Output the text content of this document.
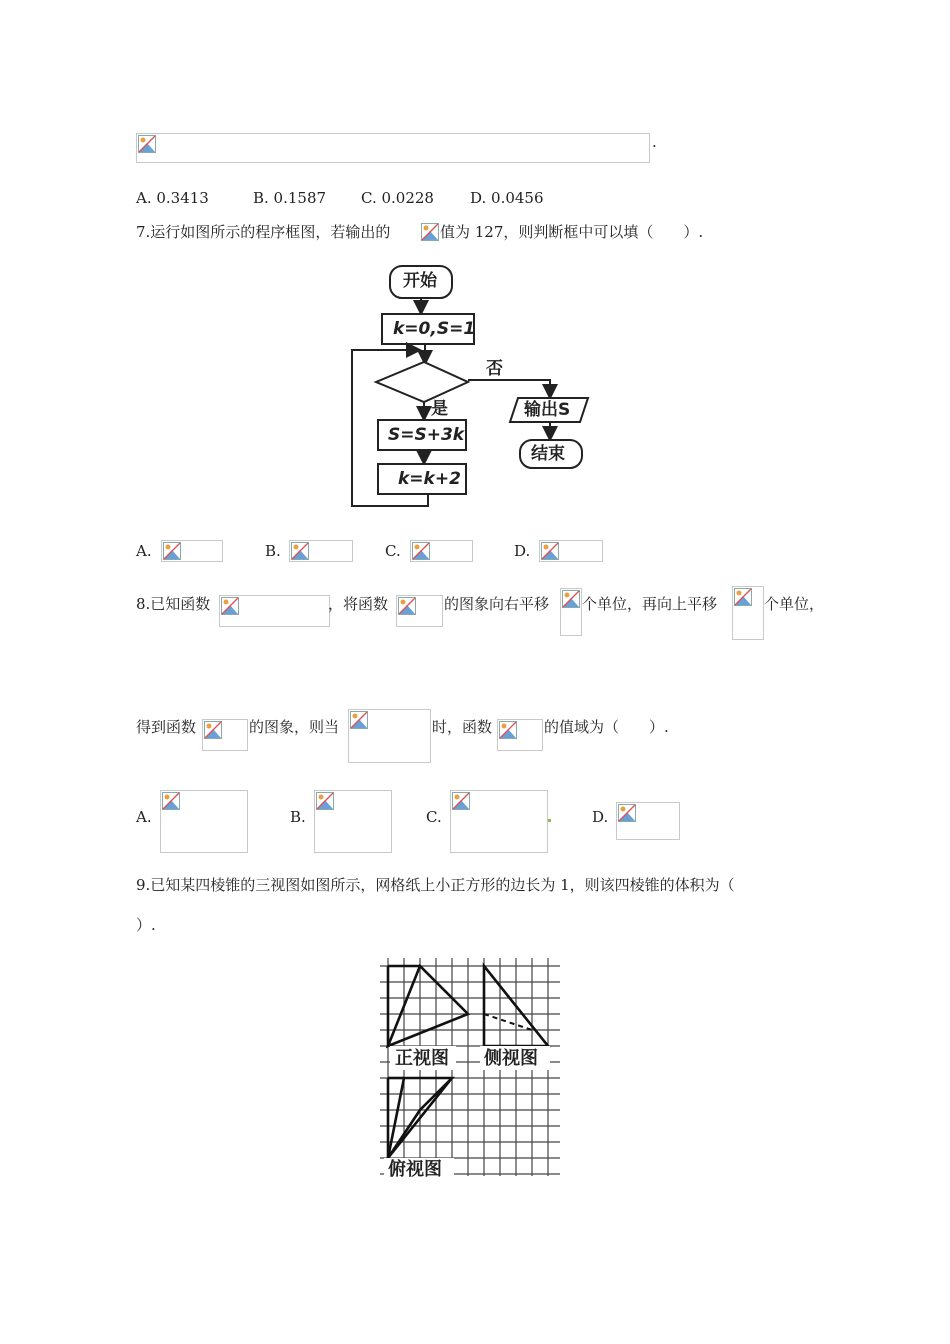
.
A. 0.3413	B. 0.1587 C. 0.0228 D. 0.0456
7.运行如图所示的程序框图，若输出的	值为 127，则判断框中可以填（　　）.
开始
k=0,S=1
否
是	输出S
S=S+3k
k=k+2
结束
A.	B.	C.	D.
8.已知函数	，将函数	的图象向右平移 个单位，再向上平移	个单位，
得到函数	的图象，则当	时，函数	的值域为（　　）.
A.	B.	C.	D.
9.已知某四棱锥的三视图如图所示，网格纸上小正方形的边长为 1，则该四棱锥的体积为（
）.
正视图 侧视图
俯视图
